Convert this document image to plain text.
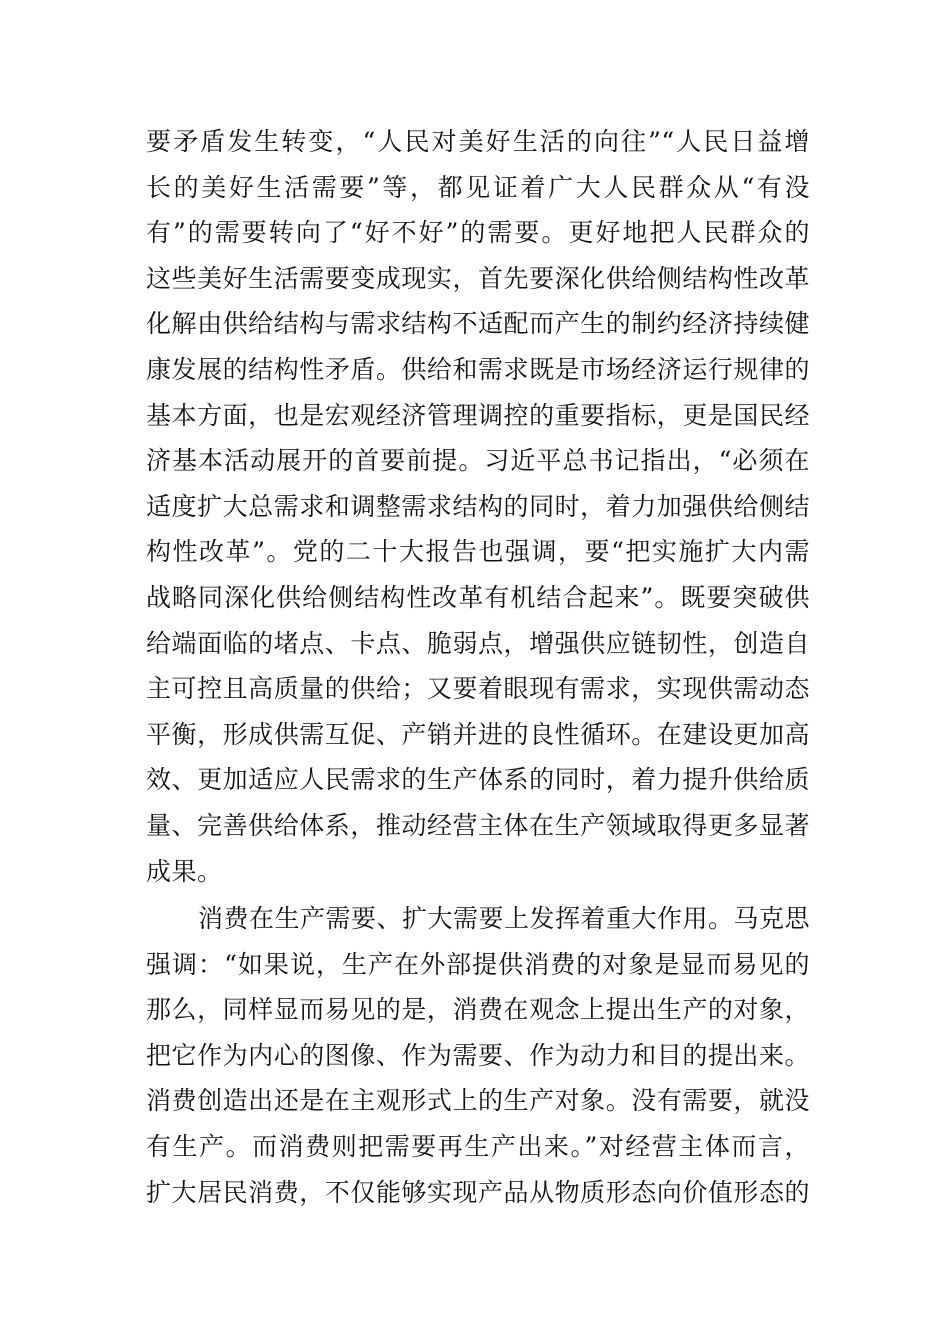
要矛盾发生转变，“人民对美好生活的向往”“人民日益增
长的美好生活需要”等，都见证着广大人民群众从“有没
有”的需要转向了“好不好”的需要。更好地把人民群众的
这些美好生活需要变成现实，首先要深化供给侧结构性改革
化解由供给结构与需求结构不适配而产生的制约经济持续健
康发展的结构性矛盾。供给和需求既是市场经济运行规律的
基本方面，也是宏观经济管理调控的重要指标，更是国民经
济基本活动展开的首要前提。习近平总书记指出，“必须在
适度扩大总需求和调整需求结构的同时，着力加强供给侧结
构性改革”。党的二十大报告也强调，要“把实施扩大内需
战略同深化供给侧结构性改革有机结合起来”。既要突破供
给端面临的堵点、卡点、脆弱点，增强供应链韧性，创造自
主可控且高质量的供给；又要着眼现有需求，实现供需动态
平衡，形成供需互促、产销并进的良性循环。在建设更加高
效、更加适应人民需求的生产体系的同时，着力提升供给质
量、完善供给体系，推动经营主体在生产领域取得更多显著
成果。
消费在生产需要、扩大需要上发挥着重大作用。马克思
强调：“如果说，生产在外部提供消费的对象是显而易见的
那么，同样显而易见的是，消费在观念上提出生产的对象，
把它作为内心的图像、作为需要、作为动力和目的提出来。
消费创造出还是在主观形式上的生产对象。没有需要，就没
有生产。而消费则把需要再生产出来。”对经营主体而言，
扩大居民消费，不仅能够实现产品从物质形态向价值形态的
